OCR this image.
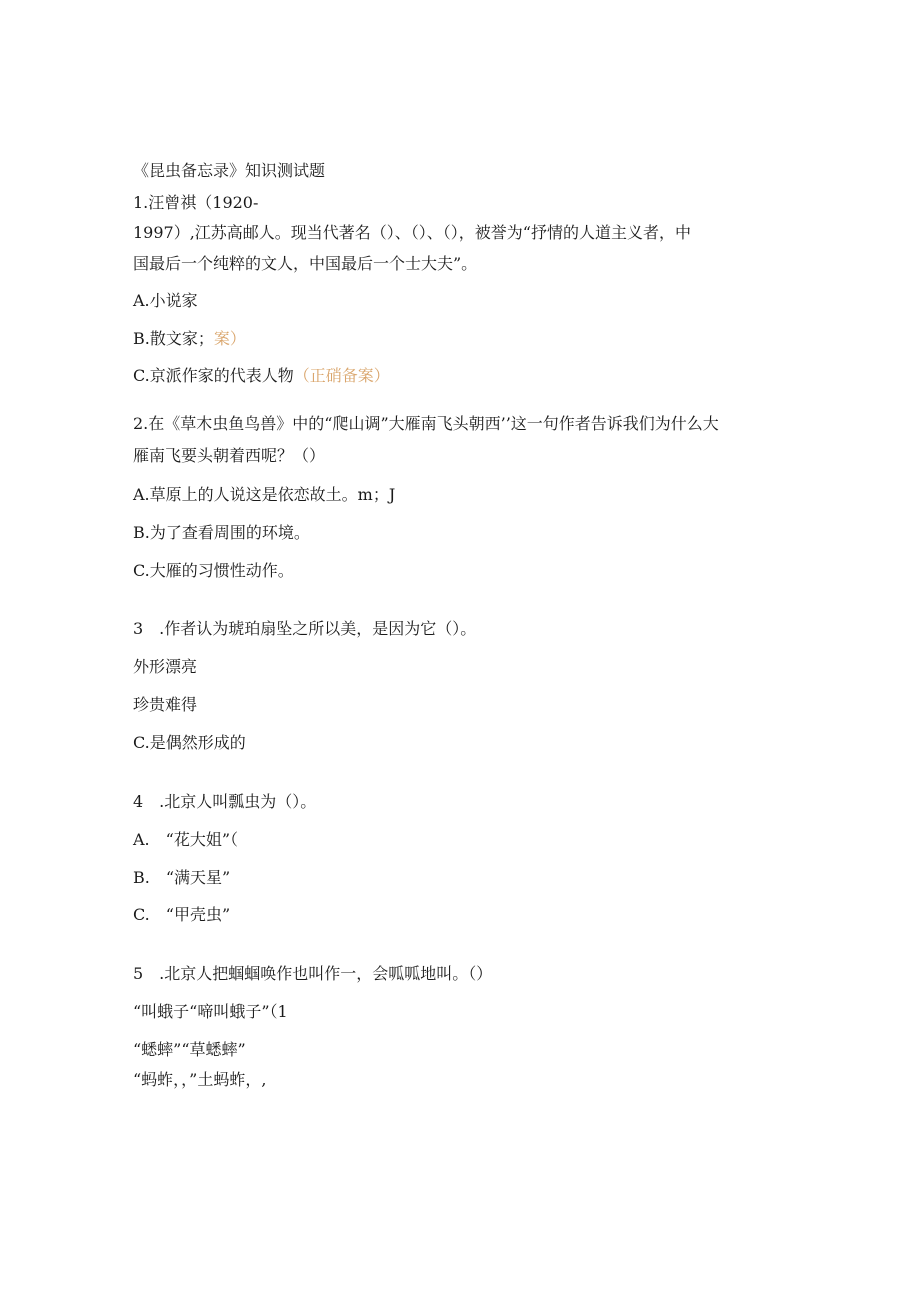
《昆虫备忘录》知识测试题
1.汪曾祺（1920-
1997）,江苏高邮人。现当代著名（）、（）、（），被誉为“抒情的人道主义者，中
国最后一个纯粹的文人，中国最后一个士大夫”。
A.小说家
B.散文家；案）
C.京派作家的代表人物（正硝备案）
2.在《草木虫鱼鸟兽》中的“爬山调”大雁南飞头朝西’’这一句作者告诉我们为什么大
雁南飞要头朝着西呢？（）
A.草原上的人说这是依恋故土。m；J
B.为了查看周围的环境。
C.大雁的习惯性动作。
3　.作者认为琥珀扇坠之所以美，是因为它（）。
外形漂亮
珍贵难得
C.是偶然形成的
4　.北京人叫瓢虫为（）。
A.　“花大姐”（
B.　“满天星”
C.　“甲壳虫”
5　.北京人把蝈蝈唤作也叫作一，会呱呱地叫。（）
“叫蛾子“啼叫蛾子”（1
“蟋蟀”“草蟋蟀”
“蚂蚱，，”土蚂蚱，,
